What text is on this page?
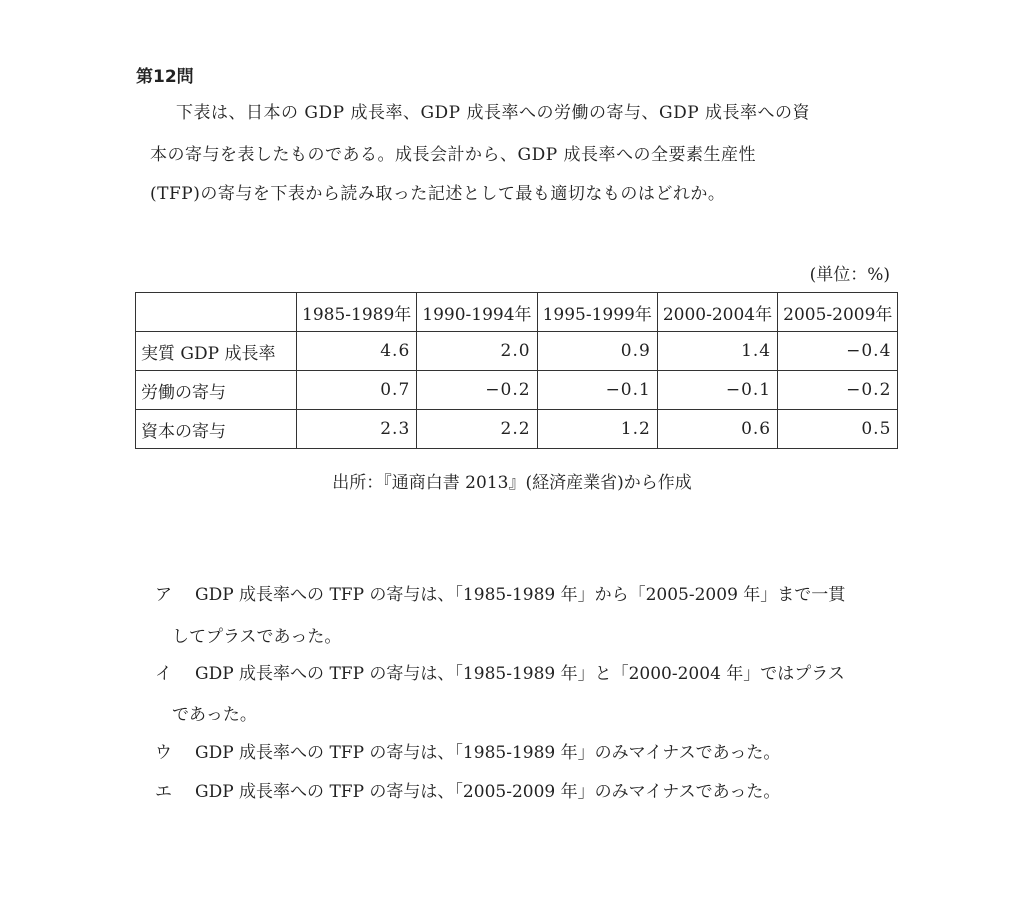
第12問
下表は、日本の GDP 成長率、GDP 成長率への労働の寄与、GDP 成長率への資
本の寄与を表したものである。成長会計から、GDP 成長率への全要素生産性
(TFP)の寄与を下表から読み取った記述として最も適切なものはどれか。
(単位：%)
	1985-1989年	1990-1994年	1995-1999年	2000-2004年	2005-2009年
実質 GDP 成長率	4.6	2.0	0.9	1.4	−0.4
労働の寄与	0.7	−0.2	−0.1	−0.1	−0.2
資本の寄与	2.3	2.2	1.2	0.6	0.5
出所：『通商白書 2013』(経済産業省)から作成
ア GDP 成長率への TFP の寄与は、「1985-1989 年」から「2005-2009 年」まで一貫
してプラスであった。
イ GDP 成長率への TFP の寄与は、「1985-1989 年」と「2000-2004 年」ではプラス
であった。
ウ GDP 成長率への TFP の寄与は、「1985-1989 年」のみマイナスであった。
エ GDP 成長率への TFP の寄与は、「2005-2009 年」のみマイナスであった。
